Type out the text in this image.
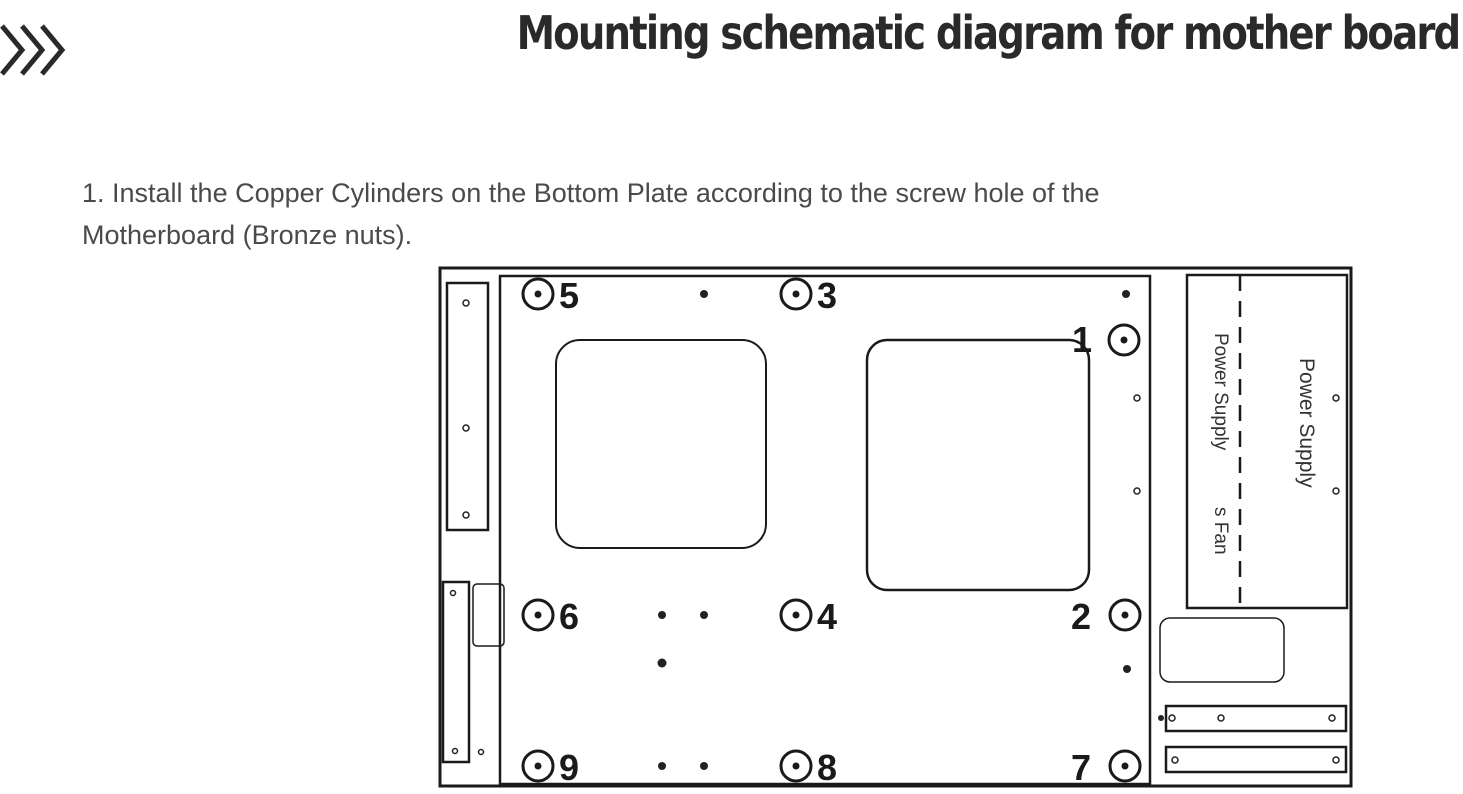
Mounting schematic diagram for mother board
1. Install the Copper Cylinders on the Bottom Plate according to the screw hole of the
Motherboard (Bronze nuts).
5	3
1
6	4	2
9	8	7
Power Supply
Power Supply
s Fan
